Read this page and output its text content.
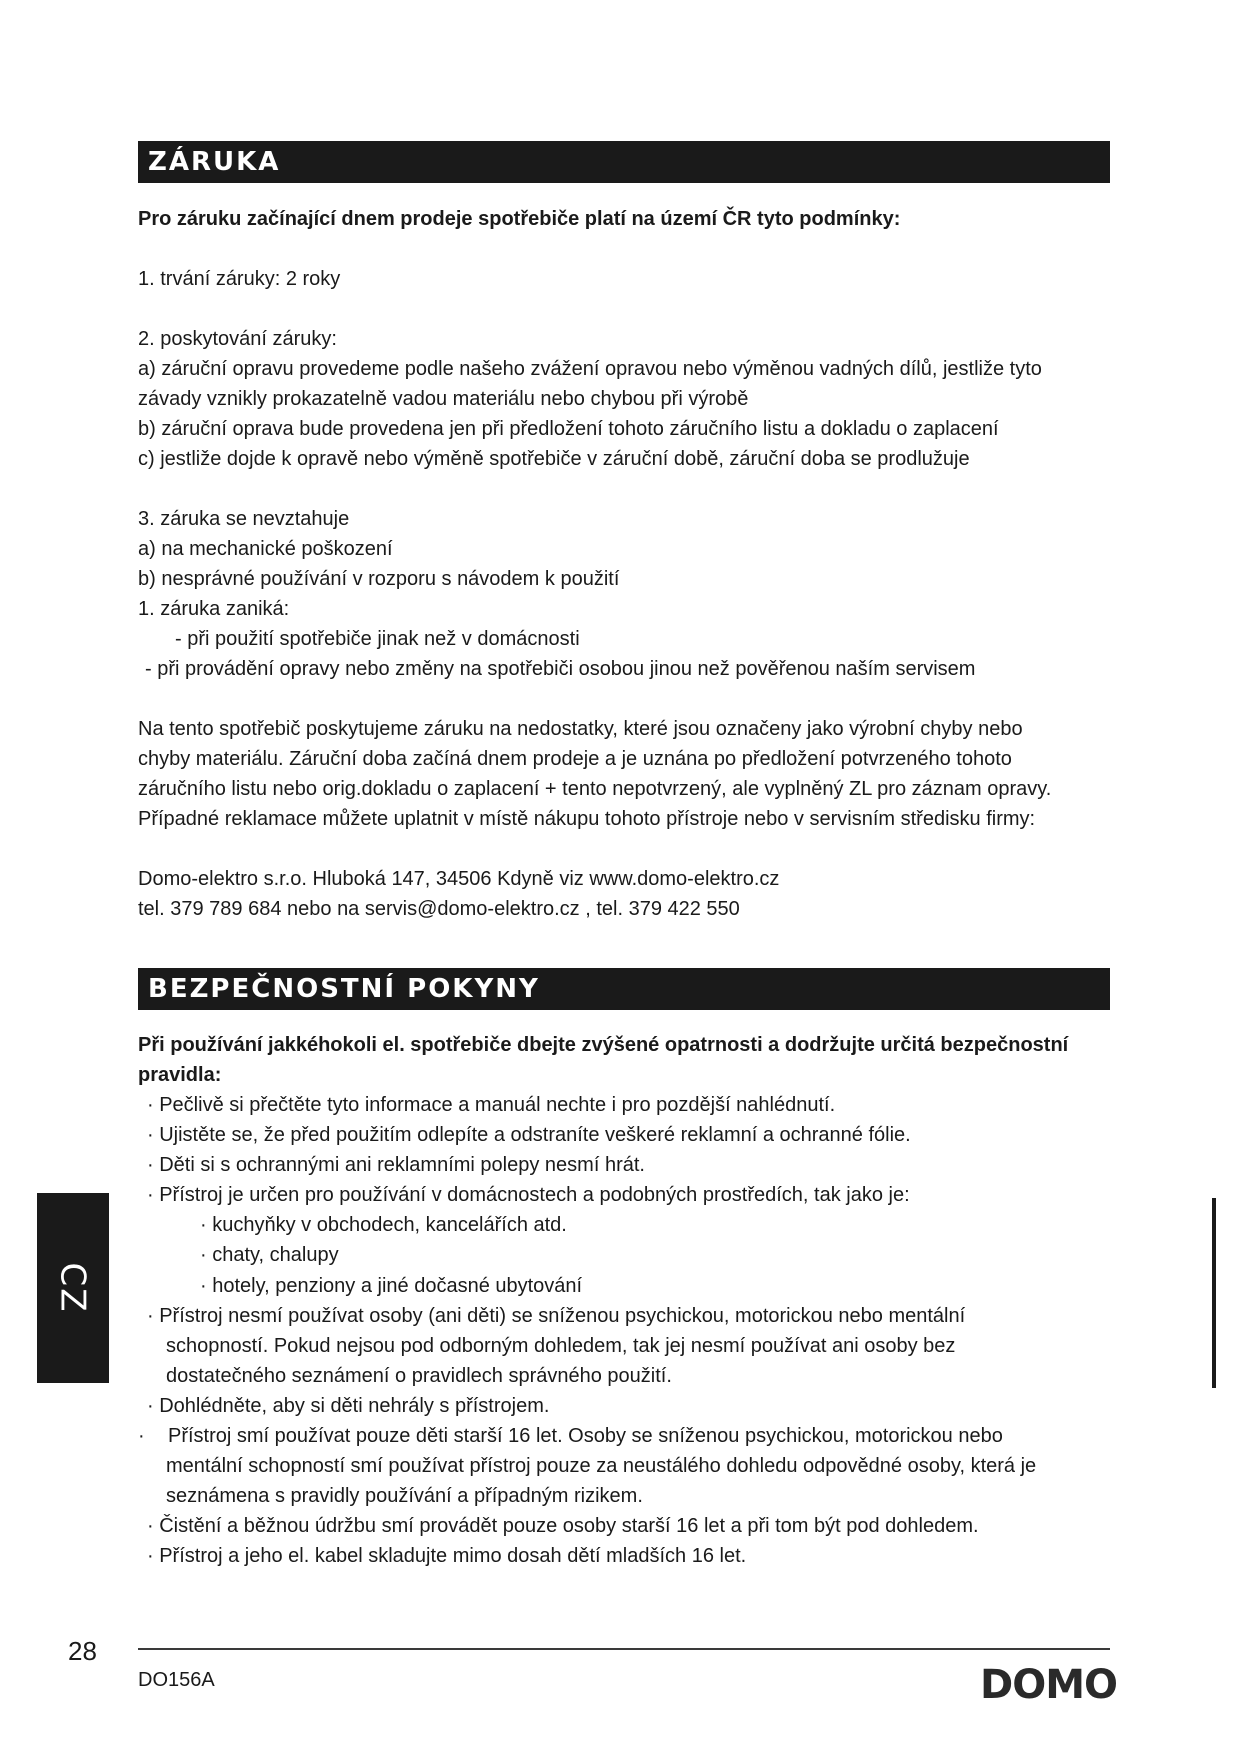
ZÁRUKA
Pro záruku začínající dnem prodeje spotřebiče platí na území ČR tyto podmínky:
1. trvání záruky: 2 roky
2. poskytování záruky:
a) záruční opravu provedeme podle našeho zvážení opravou nebo výměnou vadných dílů, jestliže tyto
závady vznikly prokazatelně vadou materiálu nebo chybou při výrobě
b) záruční oprava bude provedena jen při předložení tohoto záručního listu a dokladu o zaplacení
c) jestliže dojde k opravě nebo výměně spotřebiče v záruční době, záruční doba se prodlužuje
3. záruka se nevztahuje
a) na mechanické poškození
b) nesprávné používání v rozporu s návodem k použití
1. záruka zaniká:
- při použití spotřebiče jinak než v domácnosti
- při provádění opravy nebo změny na spotřebiči osobou jinou než pověřenou naším servisem
Na tento spotřebič poskytujeme záruku na nedostatky, které jsou označeny jako výrobní chyby nebo
chyby materiálu. Záruční doba začíná dnem prodeje a je uznána po předložení potvrzeného tohoto
záručního listu nebo orig.dokladu o zaplacení + tento nepotvrzený, ale vyplněný ZL pro záznam opravy.
Případné reklamace můžete uplatnit v místě nákupu tohoto přístroje nebo v servisním středisku firmy:
Domo-elektro s.r.o. Hluboká 147, 34506 Kdyně viz www.domo-elektro.cz
tel. 379 789 684 nebo na servis@domo-elektro.cz , tel. 379 422 550
BEZPEČNOSTNÍ POKYNY
Při používání jakkéhokoli el. spotřebiče dbejte zvýšené opatrnosti a dodržujte určitá bezpečnostní
pravidla:
· Pečlivě si přečtěte tyto informace a manuál nechte i pro pozdější nahlédnutí.
· Ujistěte se, že před použitím odlepíte a odstraníte veškeré reklamní a ochranné fólie.
· Děti si s ochrannými ani reklamními polepy nesmí hrát.
· Přístroj je určen pro používání v domácnostech a podobných prostředích, tak jako je:
· kuchyňky v obchodech, kancelářích atd.
· chaty, chalupy
· hotely, penziony a jiné dočasné ubytování
· Přístroj nesmí používat osoby (ani děti) se sníženou psychickou, motorickou nebo mentální
schopností. Pokud nejsou pod odborným dohledem, tak jej nesmí používat ani osoby bez
dostatečného seznámení o pravidlech správného použití.
· Dohlédněte, aby si děti nehrály s přístrojem.
· Přístroj smí používat pouze děti starší 16 let. Osoby se sníženou psychickou, motorickou nebo
mentální schopností smí používat přístroj pouze za neustálého dohledu odpovědné osoby, která je
seznámena s pravidly používání a případným rizikem.
· Čistění a běžnou údržbu smí provádět pouze osoby starší 16 let a při tom být pod dohledem.
· Přístroj a jeho el. kabel skladujte mimo dosah dětí mladších 16 let.
CZ
28
DO156A	DOMO
